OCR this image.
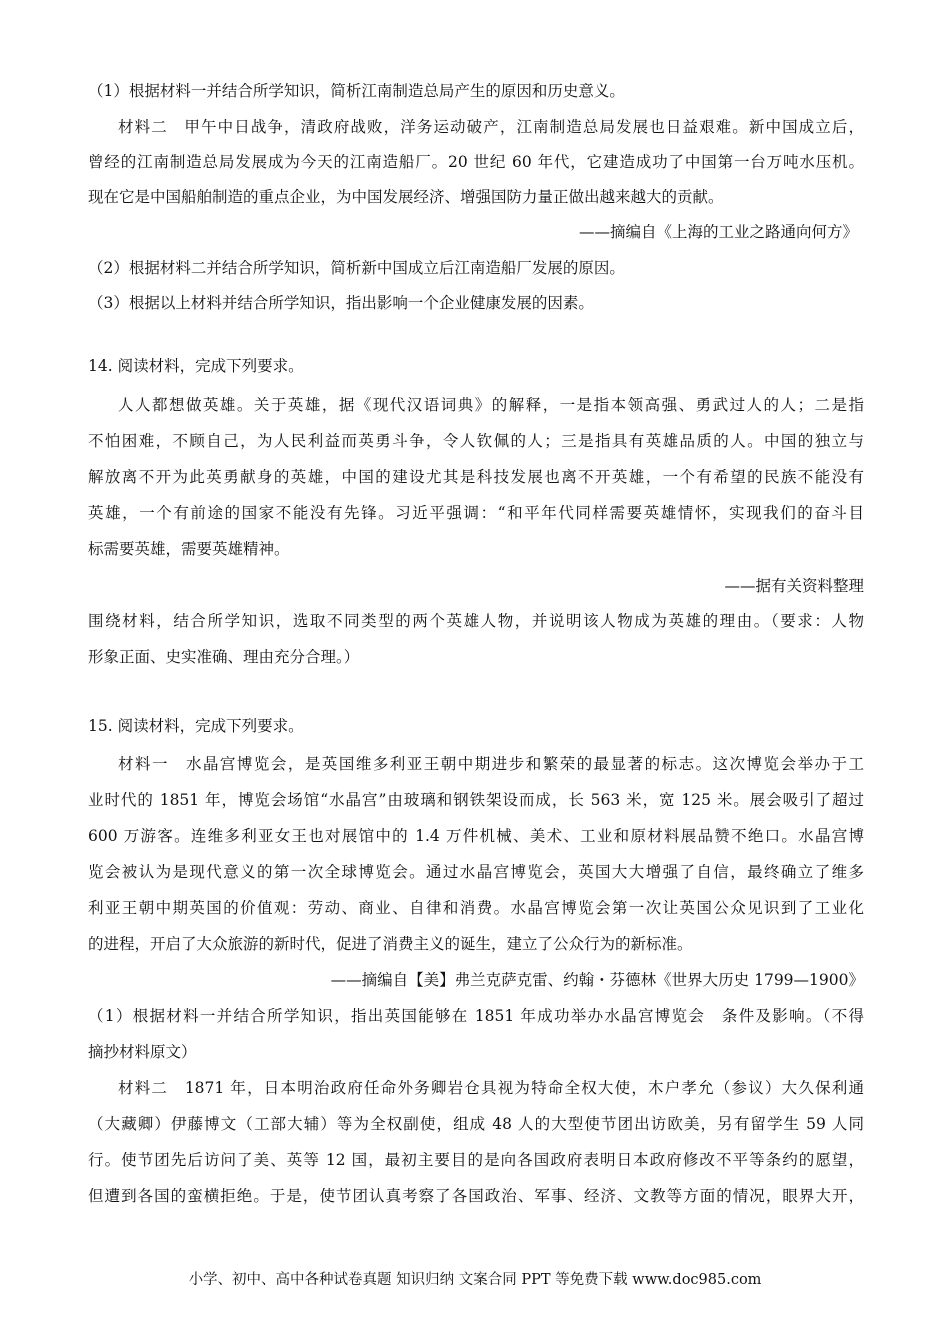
（1）根据材料一并结合所学知识，简析江南制造总局产生的原因和历史意义。
材料二　甲午中日战争，清政府战败，洋务运动破产，江南制造总局发展也日益艰难。新中国成立后，
曾经的江南制造总局发展成为今天的江南造船厂。20 世纪 60 年代，它建造成功了中国第一台万吨水压机。
现在它是中国船舶制造的重点企业，为中国发展经济、增强国防力量正做出越来越大的贡献。
——摘编自《上海的工业之路通向何方》
（2）根据材料二并结合所学知识，简析新中国成立后江南造船厂发展的原因。
（3）根据以上材料并结合所学知识，指出影响一个企业健康发展的因素。
14. 阅读材料，完成下列要求。
人人都想做英雄。关于英雄，据《现代汉语词典》的解释，一是指本领高强、勇武过人的人；二是指
不怕困难，不顾自己，为人民利益而英勇斗争，令人钦佩的人；三是指具有英雄品质的人。中国的独立与
解放离不开为此英勇献身的英雄，中国的建设尤其是科技发展也离不开英雄，一个有希望的民族不能没有
英雄，一个有前途的国家不能没有先锋。习近平强调：“和平年代同样需要英雄情怀，实现我们的奋斗目
标需要英雄，需要英雄精神。
——据有关资料整理
围绕材料，结合所学知识，选取不同类型的两个英雄人物，并说明该人物成为英雄的理由。（要求：人物
形象正面、史实准确、理由充分合理。）
15. 阅读材料，完成下列要求。
材料一　水晶宫博览会，是英国维多利亚王朝中期进步和繁荣的最显著的标志。这次博览会举办于工
业时代的 1851 年，博览会场馆“水晶宫”由玻璃和钢铁架设而成，长 563 米，宽 125 米。展会吸引了超过
600 万游客。连维多利亚女王也对展馆中的 1.4 万件机械、美术、工业和原材料展品赞不绝口。水晶宫博
览会被认为是现代意义的第一次全球博览会。通过水晶宫博览会，英国大大增强了自信，最终确立了维多
利亚王朝中期英国的价值观：劳动、商业、自律和消费。水晶宫博览会第一次让英国公众见识到了工业化
的进程，开启了大众旅游的新时代，促进了消费主义的诞生，建立了公众行为的新标准。
——摘编自【美】弗兰克萨克雷、约翰・芬德林《世界大历史 1799—1900》
（1）根据材料一并结合所学知识，指出英国能够在 1851 年成功举办水晶宫博览会　条件及影响。（不得
摘抄材料原文）
材料二　1871 年，日本明治政府任命外务卿岩仓具视为特命全权大使，木户孝允（参议）大久保利通
（大藏卿）伊藤博文（工部大辅）等为全权副使，组成 48 人的大型使节团出访欧美，另有留学生 59 人同
行。使节团先后访问了美、英等 12 国，最初主要目的是向各国政府表明日本政府修改不平等条约的愿望，
但遭到各国的蛮横拒绝。于是，使节团认真考察了各国政治、军事、经济、文教等方面的情况，眼界大开，
小学、初中、高中各种试卷真题 知识归纳 文案合同 PPT 等免费下载 www.doc985.com
